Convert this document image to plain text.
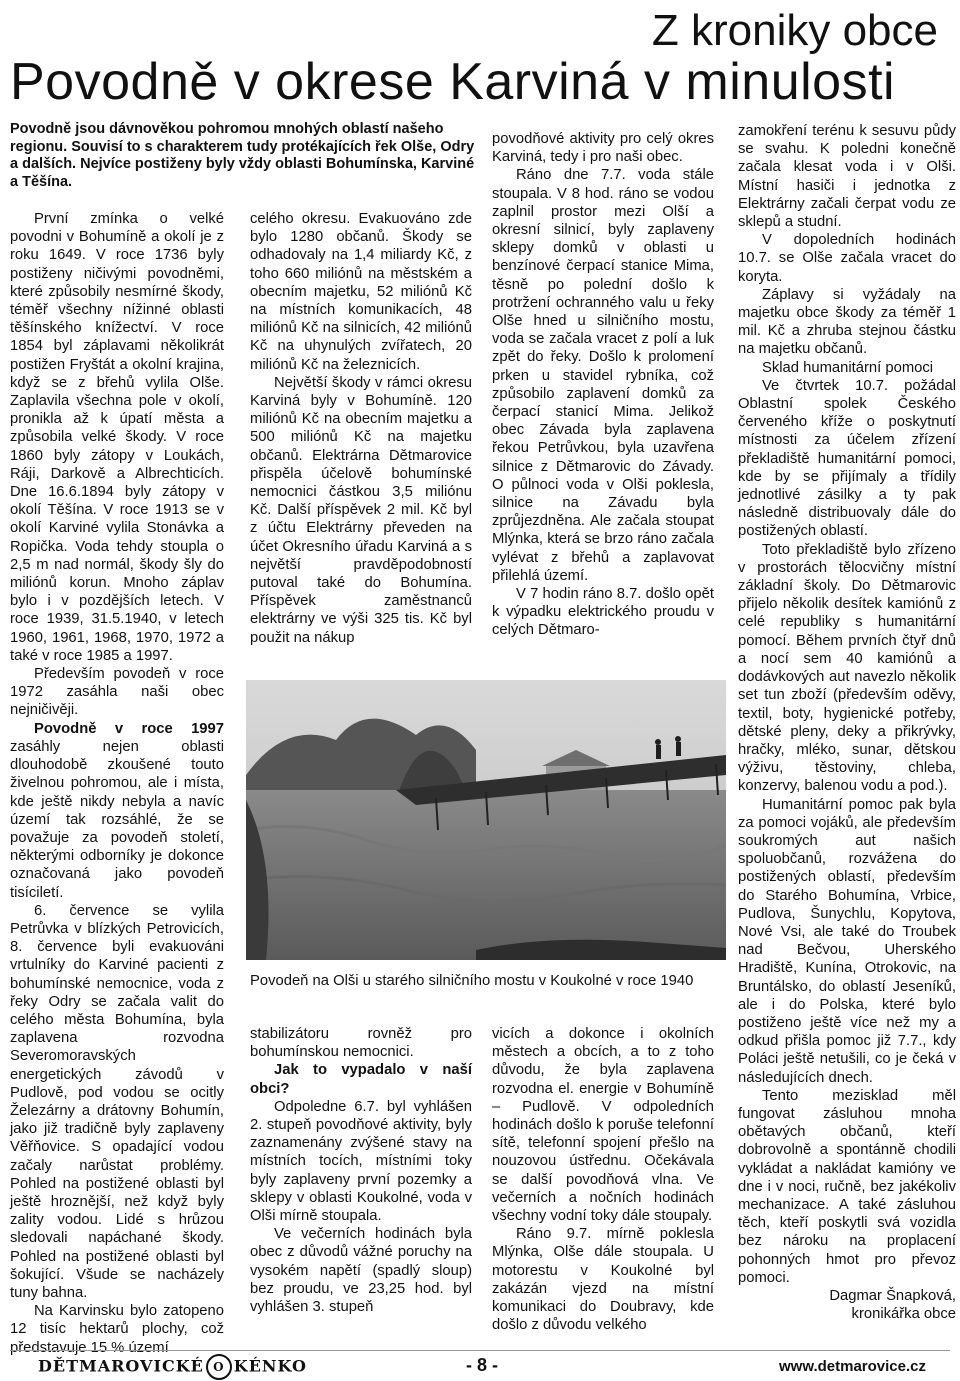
Z kroniky obce
Povodně v okrese Karviná v minulosti

Povodně jsou dávnověkou pohromou mnohých oblastí našeho regionu. Souvisí to s charakterem tudy protékajících řek Olše, Odry a dalších. Nejvíce postiženy byly vždy oblasti Bohumínska, Karviné a Těšína.

První zmínka o velké povodni v Bohumíně a okolí je z roku 1649. V roce 1736 byly postiženy ničivými povodněmi, které způsobily nesmírné škody, téměř všechny nížinné oblasti těšínského knížectví. V roce 1854 byl záplavami několikrát postižen Fryštát a okolní krajina, když se z břehů vylila Olše. Zaplavila všechna pole v okolí, pronikla až k úpatí města a způsobila velké škody. V roce 1860 byly zátopy v Loukách, Ráji, Darkově a Albrechticích. Dne 16.6.1894 byly zátopy v okolí Těšína. V roce 1913 se v okolí Karviné vylila Stonávka a Ropička. Voda tehdy stoupla o 2,5 m nad normál, škody šly do miliónů korun. Mnoho záplav bylo i v pozdějších letech. V roce 1939, 31.5.1940, v letech 1960, 1961, 1968, 1970, 1972 a také v roce 1985 a 1997.

Především povodeň v roce 1972 zasáhla naši obec nejničivěji.

Povodně v roce 1997 zasáhly nejen oblasti dlouhodobě zkoušené touto živelnou pohromou, ale i místa, kde ještě nikdy nebyla a navíc území tak rozsáhlé, že se považuje za povodeň století, některými odborníky je dokonce označovaná jako povodeň tisíciletí.

6. července se vylila Petrůvka v blízkých Petrovicích, 8. července byli evakuováni vrtulníky do Karviné pacienti z bohumínské nemocnice, voda z řeky Odry se začala valit do celého města Bohumína, byla zaplavena rozvodna Severomoravských energetických závodů v Pudlově, pod vodou se ocitly Železárny a drátovny Bohumín, jako již tradičně byly zaplaveny Věřňovice. S opadající vodou začaly narůstat problémy. Pohled na postižené oblasti byl ještě hroznější, než když byly zality vodou. Lidé s hrůzou sledovali napáchané škody. Pohled na postižené oblasti byl šokující. Všude se nacházely tuny bahna.

Na Karvinsku bylo zatopeno 12 tisíc hektarů plochy, což představuje 15 % území

celého okresu. Evakuováno zde bylo 1280 občanů. Škody se odhadovaly na 1,4 miliardy Kč, z toho 660 miliónů na městském a obecním majetku, 52 miliónů Kč na místních komunikacích, 48 miliónů Kč na silnicích, 42 miliónů Kč na uhynulých zvířatech, 20 miliónů Kč na železnicích.

Největší škody v rámci okresu Karviná byly v Bohumíně. 120 miliónů Kč na obecním majetku a 500 miliónů Kč na majetku občanů. Elektrárna Dětmarovice přispěla účelově bohumínské nemocnici částkou 3,5 miliónu Kč. Další příspěvek 2 mil. Kč byl z účtu Elektrárny převeden na účet Okresního úřadu Karviná a s největší pravděpodobností putoval také do Bohumína. Příspěvek zaměstnanců elektrárny ve výši 325 tis. Kč byl použit na nákup

povodňové aktivity pro celý okres Karviná, tedy i pro naši obec.

Ráno dne 7.7. voda stále stoupala. V 8 hod. ráno se vodou zaplnil prostor mezi Olší a okresní silnicí, byly zaplaveny sklepy domků v oblasti u benzínové čerpací stanice Mima, těsně po polední došlo k protržení ochranného valu u řeky Olše hned u silničního mostu, voda se začala vracet z polí a luk zpět do řeky. Došlo k prolomení prken u stavidel rybníka, což způsobilo zaplavení domků za čerpací stanicí Mima. Jelikož obec Závada byla zaplavena řekou Petrůvkou, byla uzavřena silnice z Dětmarovic do Závady. O půlnoci voda v Olši poklesla, silnice na Závadu byla zprůjezdněna. Ale začala stoupat Mlýnka, která se brzo ráno začala vylévat z břehů a zaplavovat přilehlá území.

V 7 hodin ráno 8.7. došlo opět k výpadku elektrického proudu v celých Dětmaro-

zamokření terénu k sesuvu půdy se svahu. K poledni konečně začala klesat voda i v Olši. Místní hasiči i jednotka z Elektrárny začali čerpat vodu ze sklepů a studní.

V dopoledních hodinách 10.7. se Olše začala vracet do koryta.

Záplavy si vyžádaly na majetku obce škody za téměř 1 mil. Kč a zhruba stejnou částku na majetku občanů.

Sklad humanitární pomoci

Ve čtvrtek 10.7. požádal Oblastní spolek Českého červeného kříže o poskytnutí místnosti za účelem zřízení překladiště humanitární pomoci, kde by se přijímaly a třídily jednotlivé zásilky a ty pak následně distribuovaly dále do postižených oblastí.

Toto překladiště bylo zřízeno v prostorách tělocvičny místní základní školy. Do Dětmarovic přijelo několik desítek kamiónů z celé republiky s humanitární pomocí. Během prvních čtyř dnů a nocí sem 40 kamiónů a dodávkových aut navezlo několik set tun zboží (především oděvy, textil, boty, hygienické potřeby, dětské pleny, deky a přikrývky, hračky, mléko, sunar, dětskou výživu, těstoviny, chleba, konzervy, balenou vodu a pod.).

Humanitární pomoc pak byla za pomoci vojáků, ale především soukromých aut našich spoluobčanů, rozvážena do postižených oblastí, především do Starého Bohumína, Vrbice, Pudlova, Šunychlu, Kopytova, Nové Vsi, ale také do Troubek nad Bečvou, Uherského Hradiště, Kunína, Otrokovic, na Bruntálsko, do oblastí Jeseníků, ale i do Polska, které bylo postiženo ještě více než my a odkud přišla pomoc již 7.7., kdy Poláci ještě netušili, co je čeká v následujících dnech.

Tento mezisklad měl fungovat zásluhou mnoha obětavých občanů, kteří dobrovolně a spontánně chodili vykládat a nakládat kamióny ve dne i v noci, ručně, bez jakékoliv mechanizace. A také zásluhou těch, kteří poskytli svá vozidla bez nároku na proplacení pohonných hmot pro převoz pomoci.

Dagmar Šnapková,

kronikářka obce

Povodeň na Olši u starého silničního mostu v Koukolné v roce 1940

stabilizátoru rovněž pro bohumínskou nemocnici.

Jak to vypadalo v naší obci?

Odpoledne 6.7. byl vyhlášen 2. stupeň povodňové aktivity, byly zaznamenány zvýšené stavy na místních tocích, místními toky byly zaplaveny první pozemky a sklepy v oblasti Koukolné, voda v Olši mírně stoupala.

Ve večerních hodinách byla obec z důvodů vážné poruchy na vysokém napětí (spadlý sloup) bez proudu, ve 23,25 hod. byl vyhlášen 3. stupeň

vicích a dokonce i okolních městech a obcích, a to z toho důvodu, že byla zaplavena rozvodna el. energie v Bohumíně – Pudlově. V odpoledních hodinách došlo k poruše telefonní sítě, telefonní spojení přešlo na nouzovou ústřednu. Očekávala se další povodňová vlna. Ve večerních a nočních hodinách všechny vodní toky dále stoupaly.

Ráno 9.7. mírně poklesla Mlýnka, Olše dále stoupala. U motorestu v Koukolné byl zakázán vjezd na místní komunikaci do Doubravy, kde došlo z důvodu velkého

DĚTMAROVICKÉ O KÉNKO	- 8 -	www.detmarovice.cz
